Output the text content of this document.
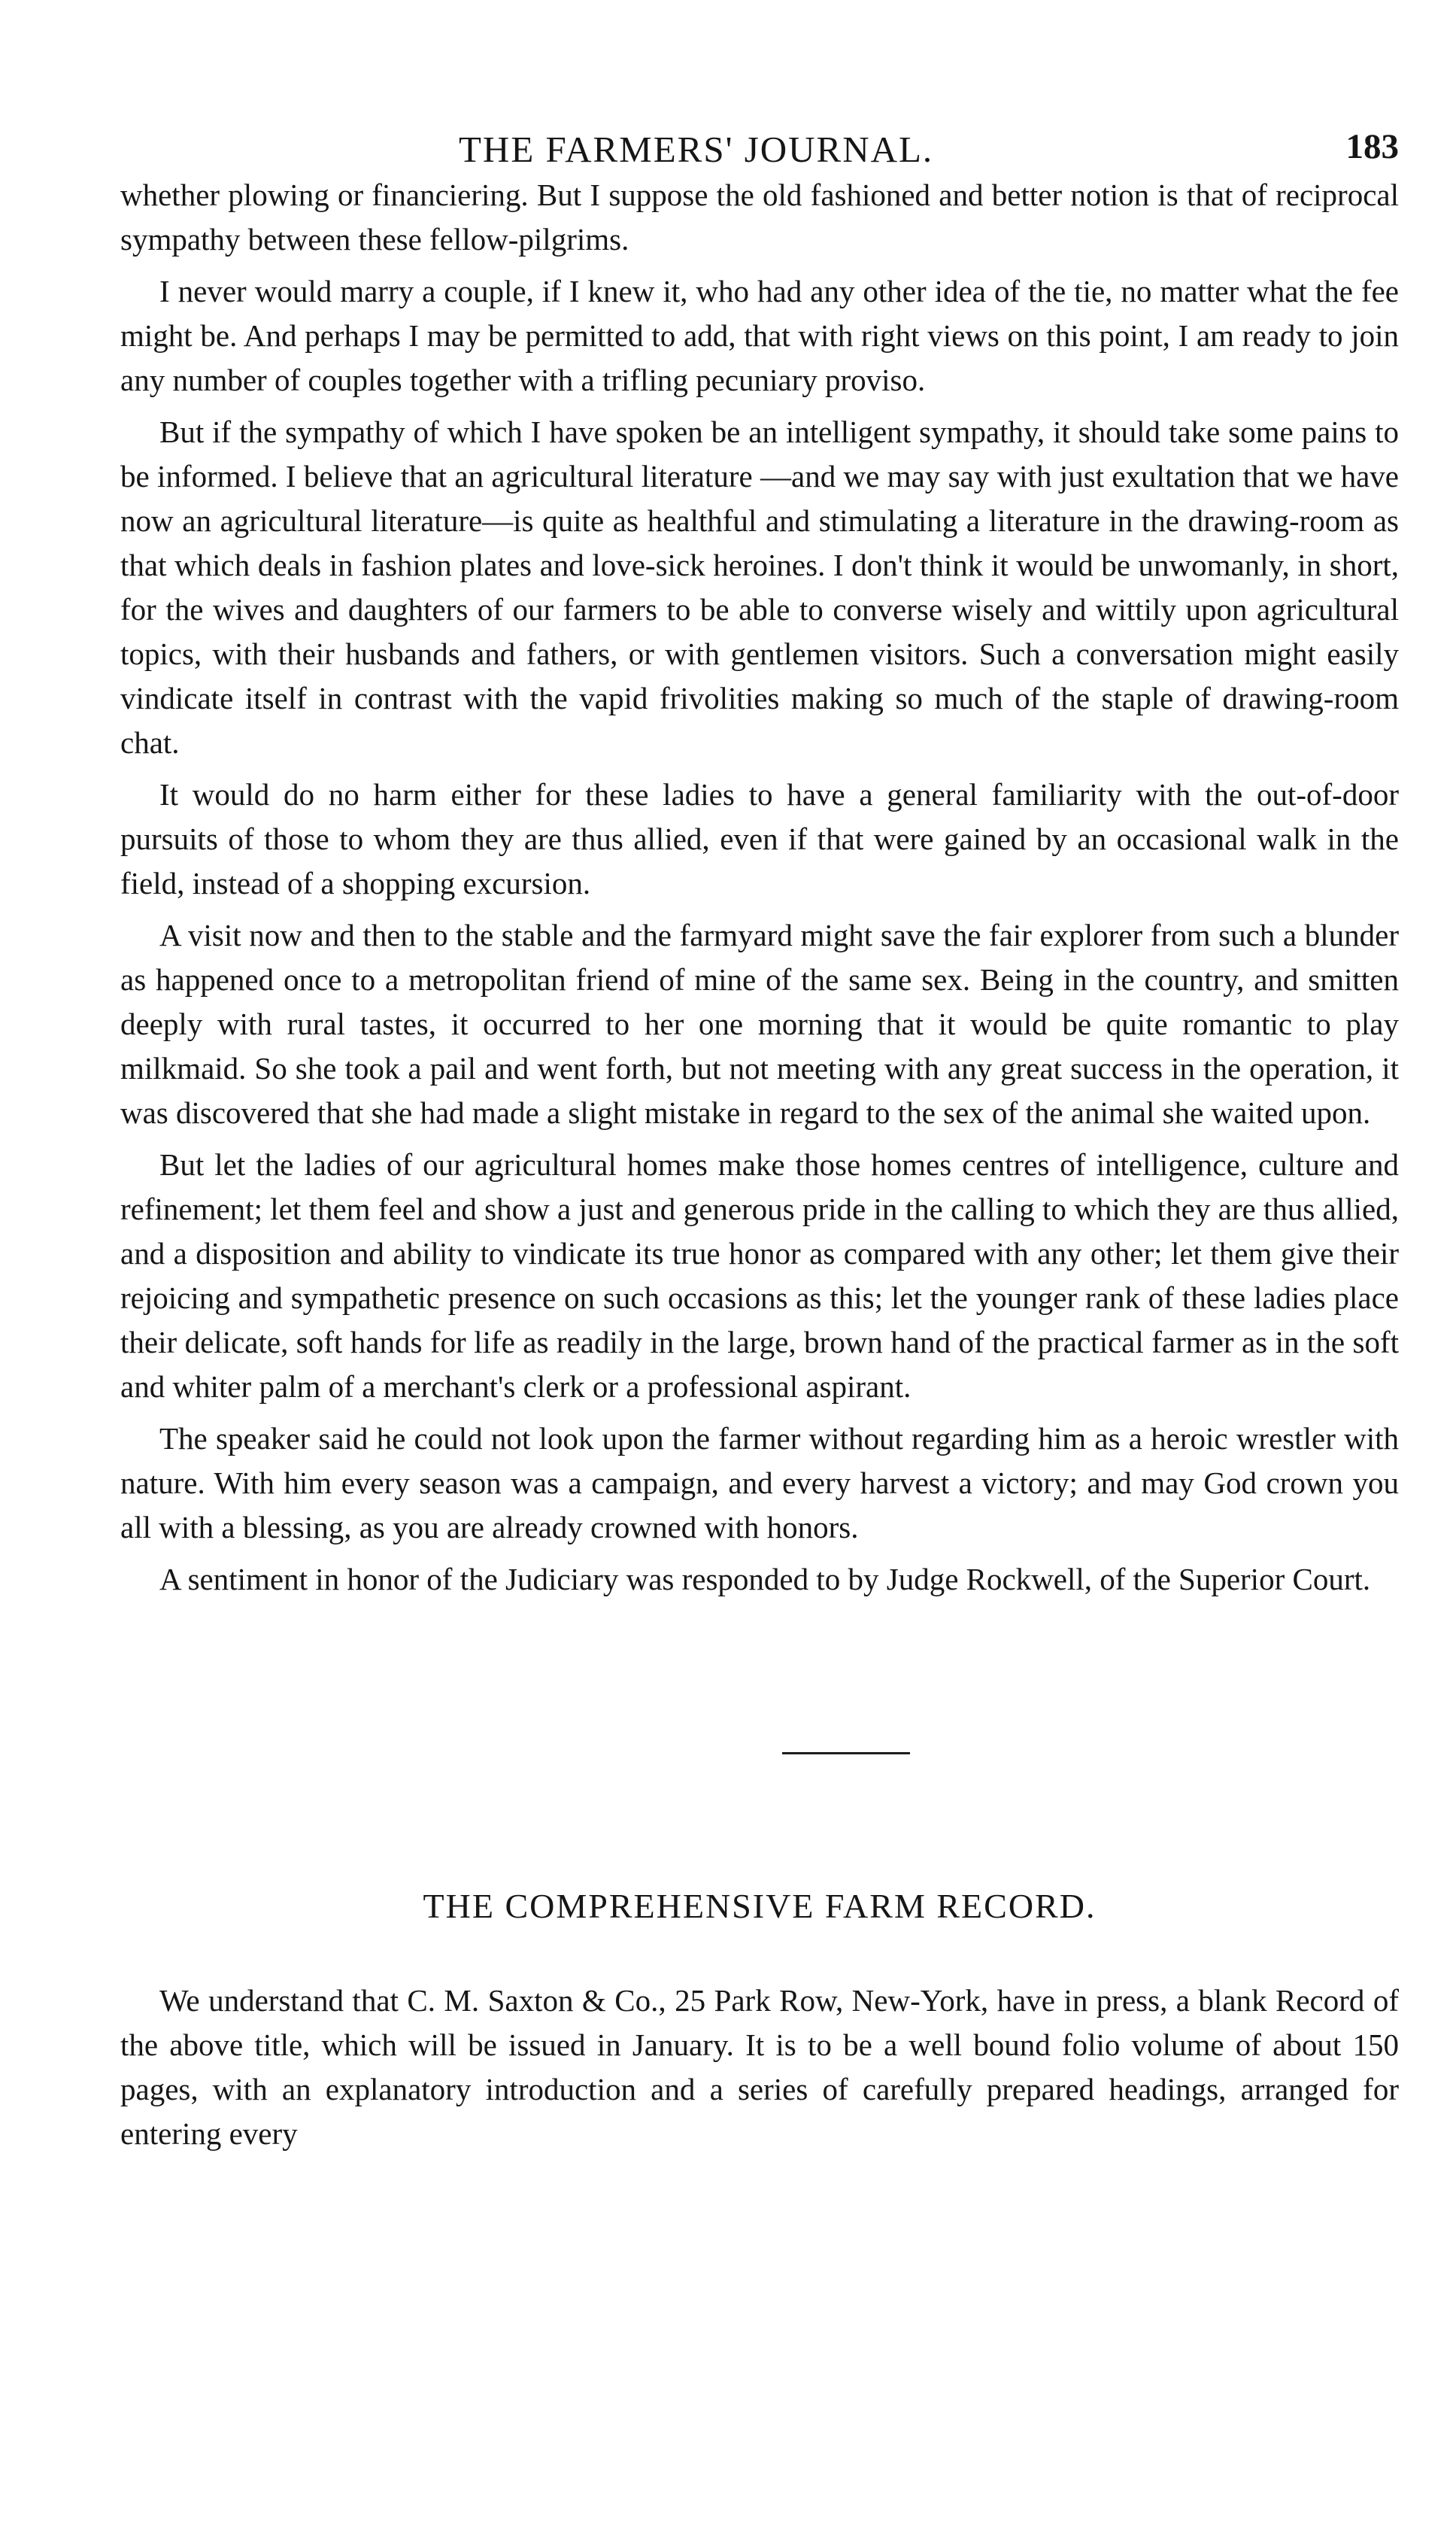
THE FARMERS' JOURNAL.	183

whether plowing or financiering. But I suppose the old fashioned and better notion is that of reciprocal sympathy between these fellow-pilgrims.

I never would marry a couple, if I knew it, who had any other idea of the tie, no matter what the fee might be. And perhaps I may be permitted to add, that with right views on this point, I am ready to join any number of couples together with a trifling pecuniary proviso.

But if the sympathy of which I have spoken be an intelligent sympathy, it should take some pains to be informed. I believe that an agricultural literature —and we may say with just exultation that we have now an agricultural literature—is quite as healthful and stimulating a literature in the drawing-room as that which deals in fashion plates and love-sick heroines. I don't think it would be unwomanly, in short, for the wives and daughters of our farmers to be able to converse wisely and wittily upon agricultural topics, with their husbands and fathers, or with gentlemen visitors. Such a conversation might easily vindicate itself in contrast with the vapid frivolities making so much of the staple of drawing-room chat.

It would do no harm either for these ladies to have a general familiarity with the out-of-door pursuits of those to whom they are thus allied, even if that were gained by an occasional walk in the field, instead of a shopping excursion.

A visit now and then to the stable and the farmyard might save the fair explorer from such a blunder as happened once to a metropolitan friend of mine of the same sex. Being in the country, and smitten deeply with rural tastes, it occurred to her one morning that it would be quite romantic to play milkmaid. So she took a pail and went forth, but not meeting with any great success in the operation, it was discovered that she had made a slight mistake in regard to the sex of the animal she waited upon.

But let the ladies of our agricultural homes make those homes centres of intelligence, culture and refinement; let them feel and show a just and generous pride in the calling to which they are thus allied, and a disposition and ability to vindicate its true honor as compared with any other; let them give their rejoicing and sympathetic presence on such occasions as this; let the younger rank of these ladies place their delicate, soft hands for life as readily in the large, brown hand of the practical farmer as in the soft and whiter palm of a merchant's clerk or a professional aspirant.

The speaker said he could not look upon the farmer without regarding him as a heroic wrestler with nature. With him every season was a campaign, and every harvest a victory; and may God crown you all with a blessing, as you are already crowned with honors.

A sentiment in honor of the Judiciary was responded to by Judge Rockwell, of the Superior Court.

THE COMPREHENSIVE FARM RECORD.

We understand that C. M. Saxton & Co., 25 Park Row, New-York, have in press, a blank Record of the above title, which will be issued in January. It is to be a well bound folio volume of about 150 pages, with an explanatory introduction and a series of carefully prepared headings, arranged for entering every
